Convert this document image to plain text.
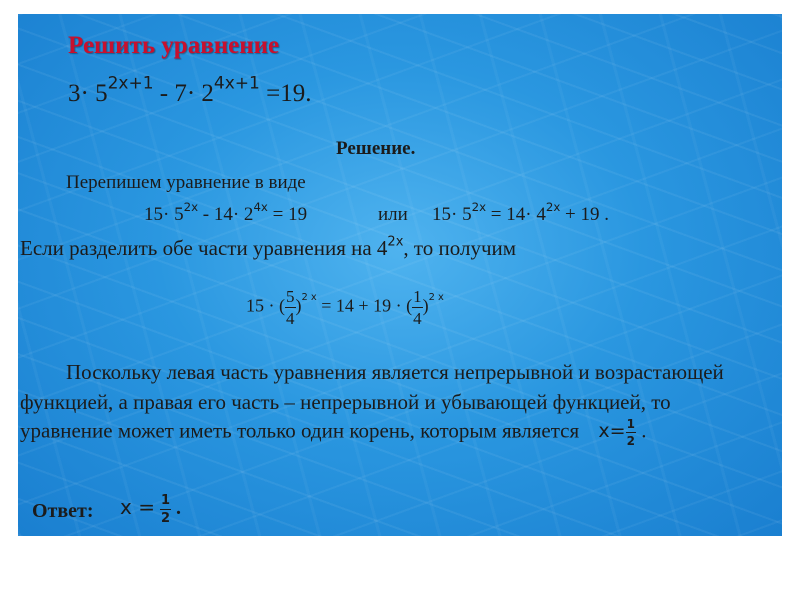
Решить уравнение
$3\cdot 5^{2x+1} - 7\cdot 2^{4x+1} =19$.
Решение.
Перепишем уравнение в виде
$15\cdot 5^{2x} - 14\cdot 2^{4x} = 19$	или $15\cdot 5^{2x} = 14\cdot 4^{2x} + 19$ .
Если разделить обе части уравнения на $4^{2x}$, то получим
15 · ( $\frac{5}{4} )^{2 x} = 14 + 19$ · ( $\frac{1}{4} )^{2 x}$
Поскольку левая часть уравнения является непрерывной и возрастающей
функцией, а правая его часть – непрерывной и убывающей функцией, то
уравнение может иметь только один корень, которым является $x= \frac{1}{2}$ .
Ответ: $x = \frac{1}{2}$ .
